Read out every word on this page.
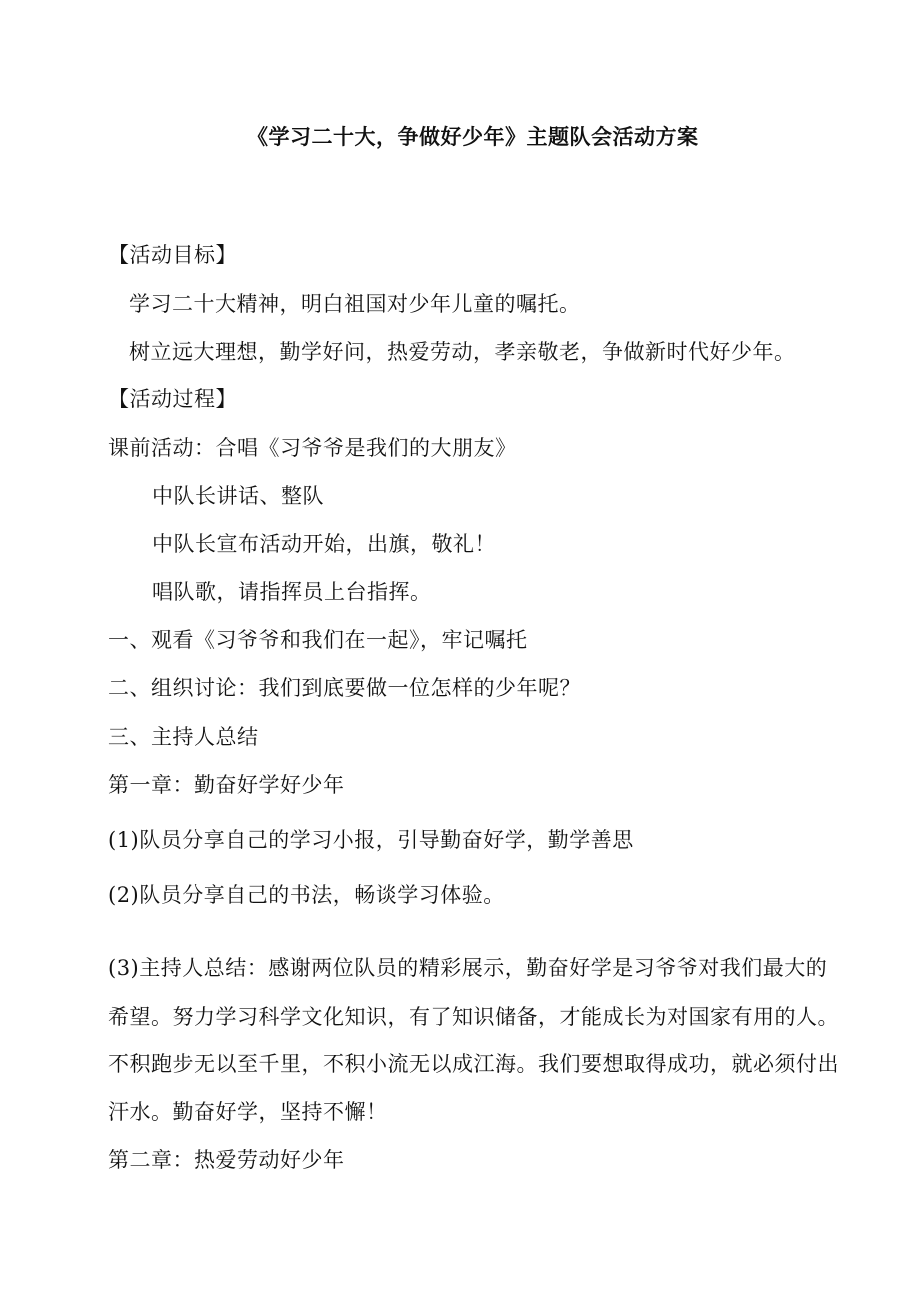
《学习二十大，争做好少年》主题队会活动方案
【活动目标】
学习二十大精神，明白祖国对少年儿童的嘱托。
树立远大理想，勤学好问，热爱劳动，孝亲敬老，争做新时代好少年。
【活动过程】
课前活动：合唱《习爷爷是我们的大朋友》
中队长讲话、整队
中队长宣布活动开始，出旗，敬礼！
唱队歌，请指挥员上台指挥。
一、观看《习爷爷和我们在一起》，牢记嘱托
二、组织讨论：我们到底要做一位怎样的少年呢？
三、主持人总结
第一章：勤奋好学好少年
(1)队员分享自己的学习小报，引导勤奋好学，勤学善思
(2)队员分享自己的书法，畅谈学习体验。
(3)主持人总结：感谢两位队员的精彩展示，勤奋好学是习爷爷对我们最大的
希望。努力学习科学文化知识，有了知识储备，才能成长为对国家有用的人。
不积跑步无以至千里，不积小流无以成江海。我们要想取得成功，就必须付出
汗水。勤奋好学，坚持不懈！
第二章：热爱劳动好少年
